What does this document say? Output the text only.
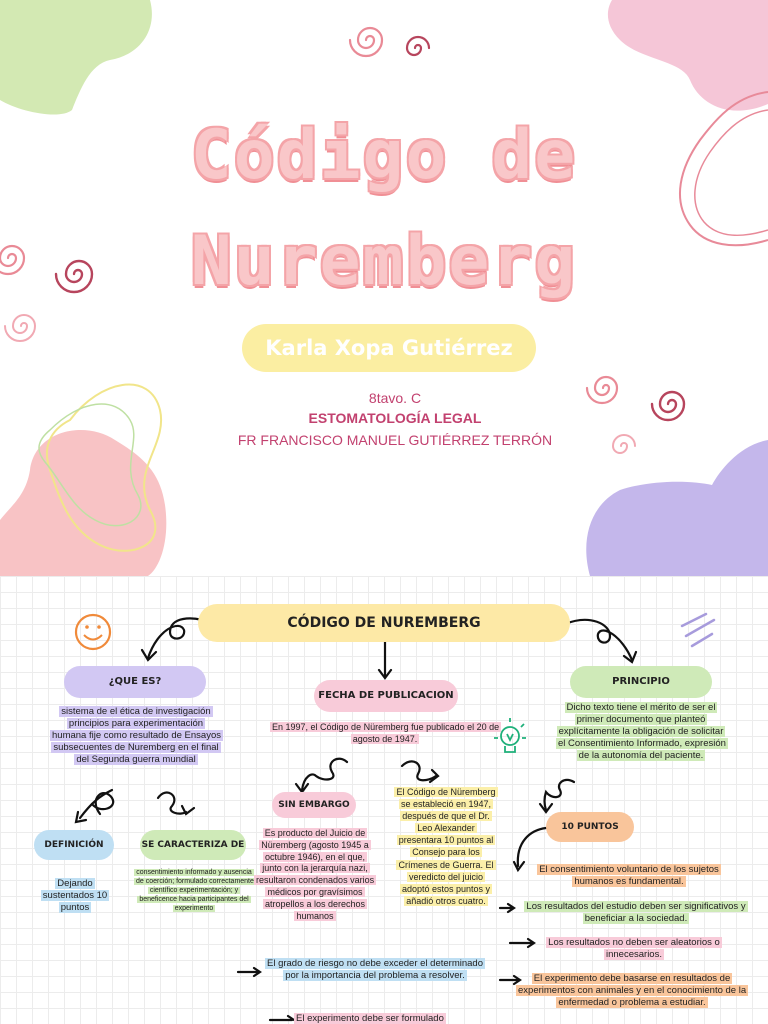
Código de
Nuremberg
Karla Xopa Gutiérrez
8tavo. C
ESTOMATOLOGÍA LEGAL
FR FRANCISCO MANUEL GUTIÉRREZ TERRÓN
CÓDIGO DE NUREMBERG
¿QUE ES?
sistema de el ética de investigación principios para experimentación humana fije como resultado de Ensayos subsecuentes de Nuremberg en el final del Segunda guerra mundial
DEFINICIÓN
Dejando sustentados 10 puntos
SE CARACTERIZA DE
consentimiento informado y ausencia de coerción; formulado correctamente científico experimentación; y beneficence hacia participantes del experimento
FECHA DE PUBLICACION
En 1997, el Código de Nüremberg fue publicado el 20 de agosto de 1947.
SIN EMBARGO
Es producto del Juicio de Nüremberg (agosto 1945 a octubre 1946), en el que, junto con la jerarquía nazi, resultaron condenados varios médicos por gravísimos atropellos a los derechos humanos
El Código de Nüremberg se estableció en 1947, después de que el Dr. Leo Alexander presentara 10 puntos al Consejo para los Crímenes de Guerra. El veredicto del juicio adoptó estos puntos y añadió otros cuatro.
PRINCIPIO
Dicho texto tiene el mérito de ser el primer documento que planteó explícitamente la obligación de solicitar el Consentimiento Informado, expresión de la autonomía del paciente.
10 PUNTOS
El consentimiento voluntario de los sujetos humanos es fundamental.
Los resultados del estudio deben ser significativos y beneficiar a la sociedad.
Los resultados no deben ser aleatorios o innecesarios.
El experimento debe basarse en resultados de experimentos con animales y en el conocimiento de la enfermedad o problema a estudiar.
El grado de riesgo no debe exceder el determinado por la importancia del problema a resolver.
El experimento debe ser formulado
